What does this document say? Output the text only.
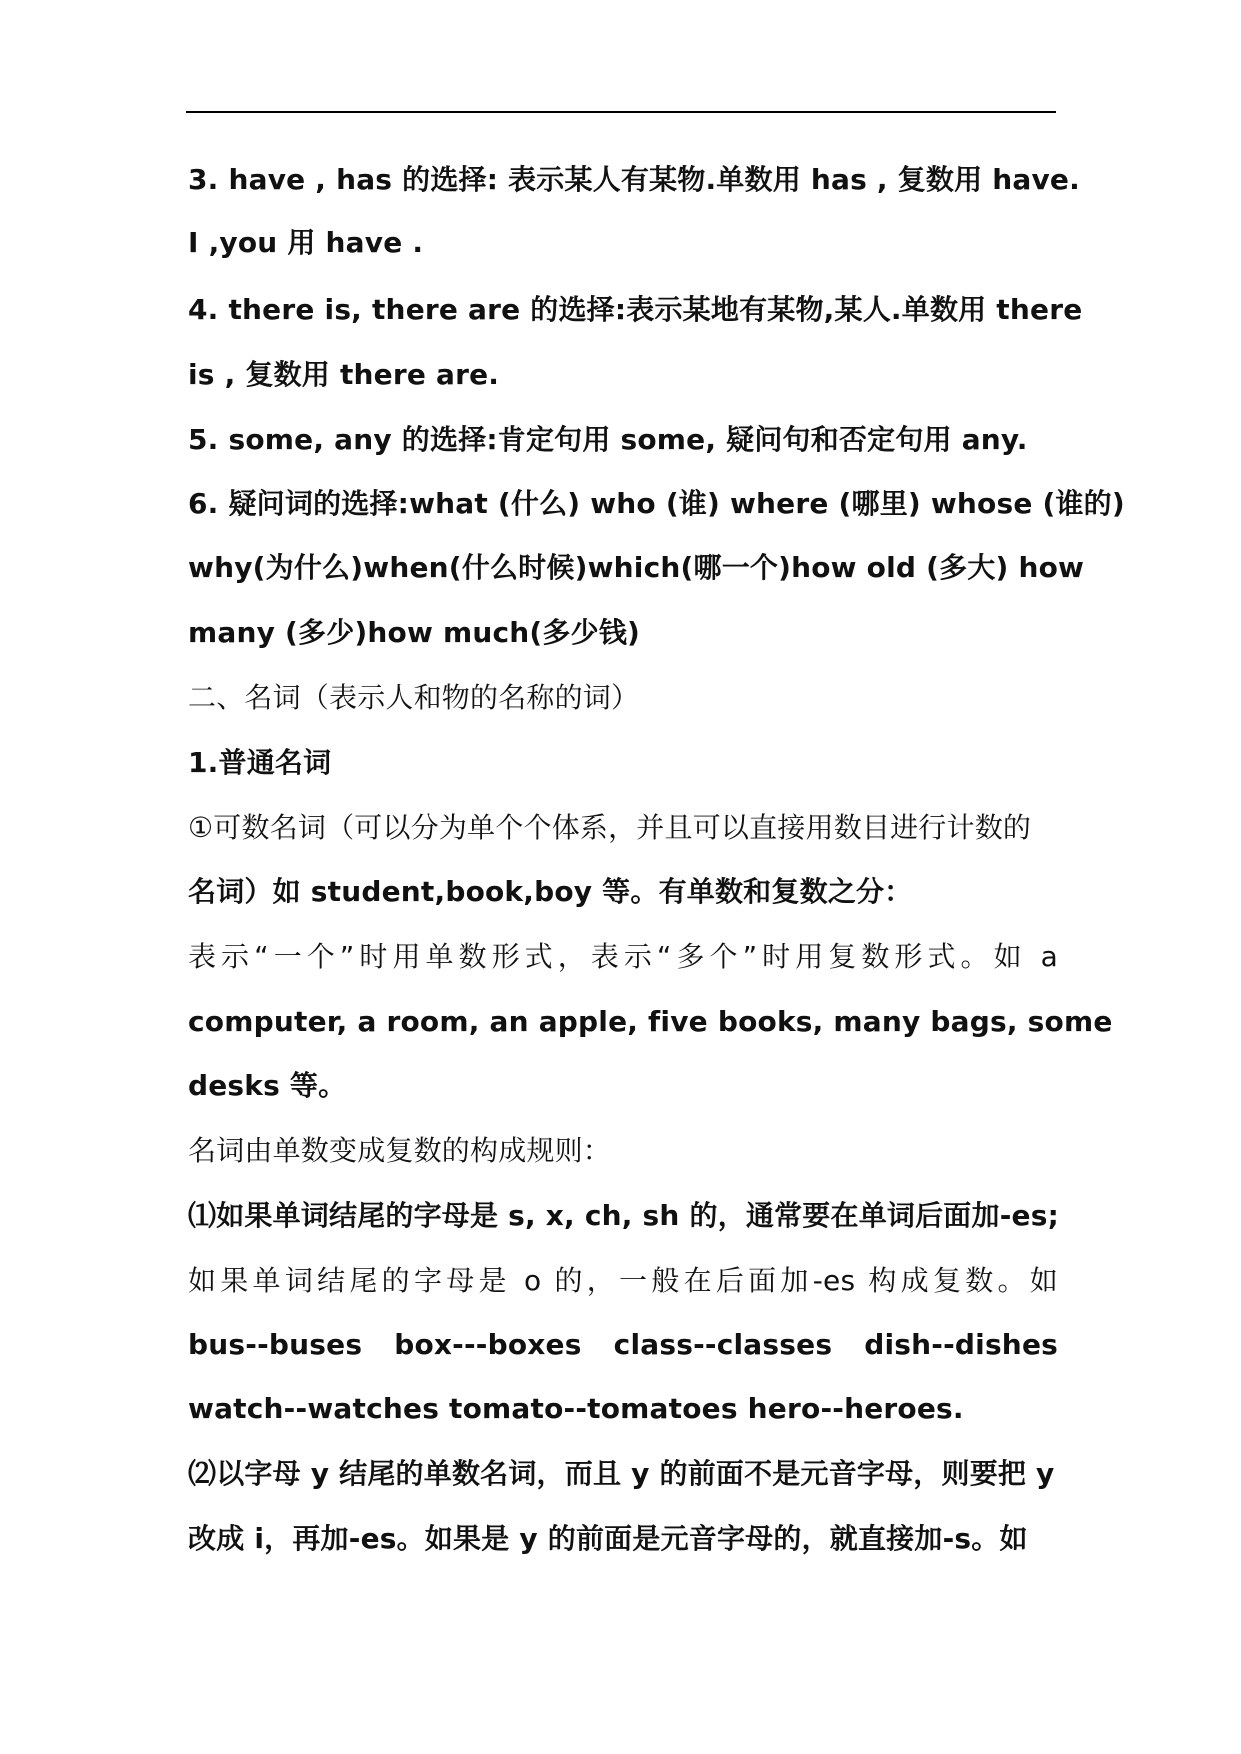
3. have , has 的选择: 表示某人有某物.单数用 has , 复数用 have.
I ,you 用 have .
4. there is, there are 的选择:表示某地有某物,某人.单数用 there
is , 复数用 there are.
5. some, any 的选择:肯定句用 some, 疑问句和否定句用 any.
6. 疑问词的选择:what (什么) who (谁) where (哪里) whose (谁的)
why(为什么)when(什么时候)which(哪一个)how old (多大) how
many (多少)how much(多少钱)
二、名词（表示人和物的名称的词）
1.普通名词
①可数名词（可以分为单个个体系，并且可以直接用数目进行计数的
名词）如 student,book,boy 等。有单数和复数之分：
表示“一个”时用单数形式，表示“多个”时用复数形式。如 a
computer, a room, an apple, five books, many bags, some
desks 等。
名词由单数变成复数的构成规则：
⑴如果单词结尾的字母是 s, x, ch, sh 的，通常要在单词后面加-es;
如果单词结尾的字母是 o 的，一般在后面加-es 构成复数。如
bus--buses box---boxes class--classes dish--dishes
watch--watches tomato--tomatoes hero--heroes.
⑵以字母 y 结尾的单数名词，而且 y 的前面不是元音字母，则要把 y
改成 i，再加-es。如果是 y 的前面是元音字母的，就直接加-s。如
